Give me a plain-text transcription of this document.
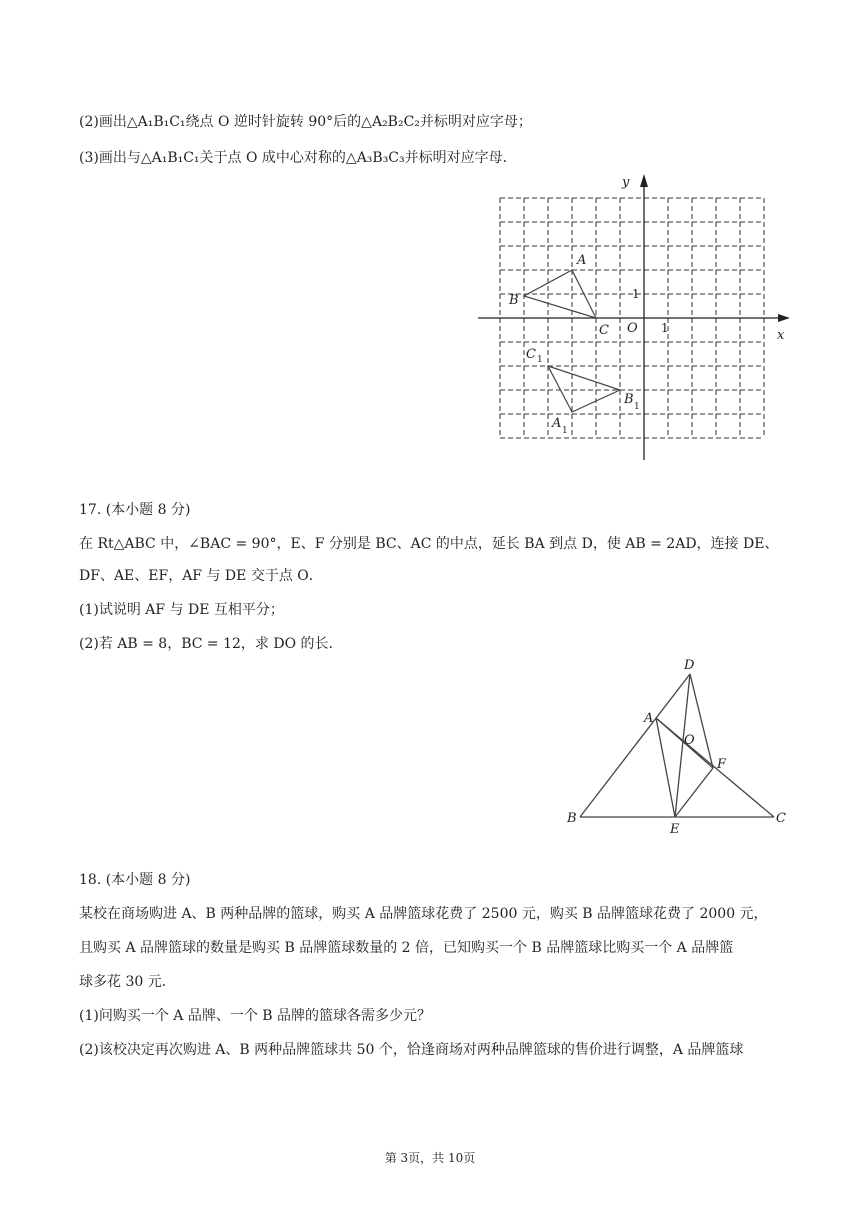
(2)画出△A₁B₁C₁绕点 O 逆时针旋转 90°后的△A₂B₂C₂并标明对应字母；
(3)画出与△A₁B₁C₁关于点 O 成中心对称的△A₃B₃C₃并标明对应字母．
y
x
O 1
1
A
B
C
C 1
B 1
A 1
17. (本小题 8 分)
在 Rt△ABC 中，∠BAC = 90°，E、F 分别是 BC、AC 的中点，延长 BA 到点 D，使 AB = 2AD，连接 DE、
DF、AE、EF，AF 与 DE 交于点 O．
(1)试说明 AF 与 DE 互相平分；
(2)若 AB = 8，BC = 12，求 DO 的长．
D
A
O
F
B
E
C
18. (本小题 8 分)
某校在商场购进 A、B 两种品牌的篮球，购买 A 品牌篮球花费了 2500 元，购买 B 品牌篮球花费了 2000 元，
且购买 A 品牌篮球的数量是购买 B 品牌篮球数量的 2 倍，已知购买一个 B 品牌篮球比购买一个 A 品牌篮
球多花 30 元．
(1)问购买一个 A 品牌、一个 B 品牌的篮球各需多少元？
(2)该校决定再次购进 A、B 两种品牌篮球共 50 个，恰逢商场对两种品牌篮球的售价进行调整，A 品牌篮球
第 3页，共 10页
